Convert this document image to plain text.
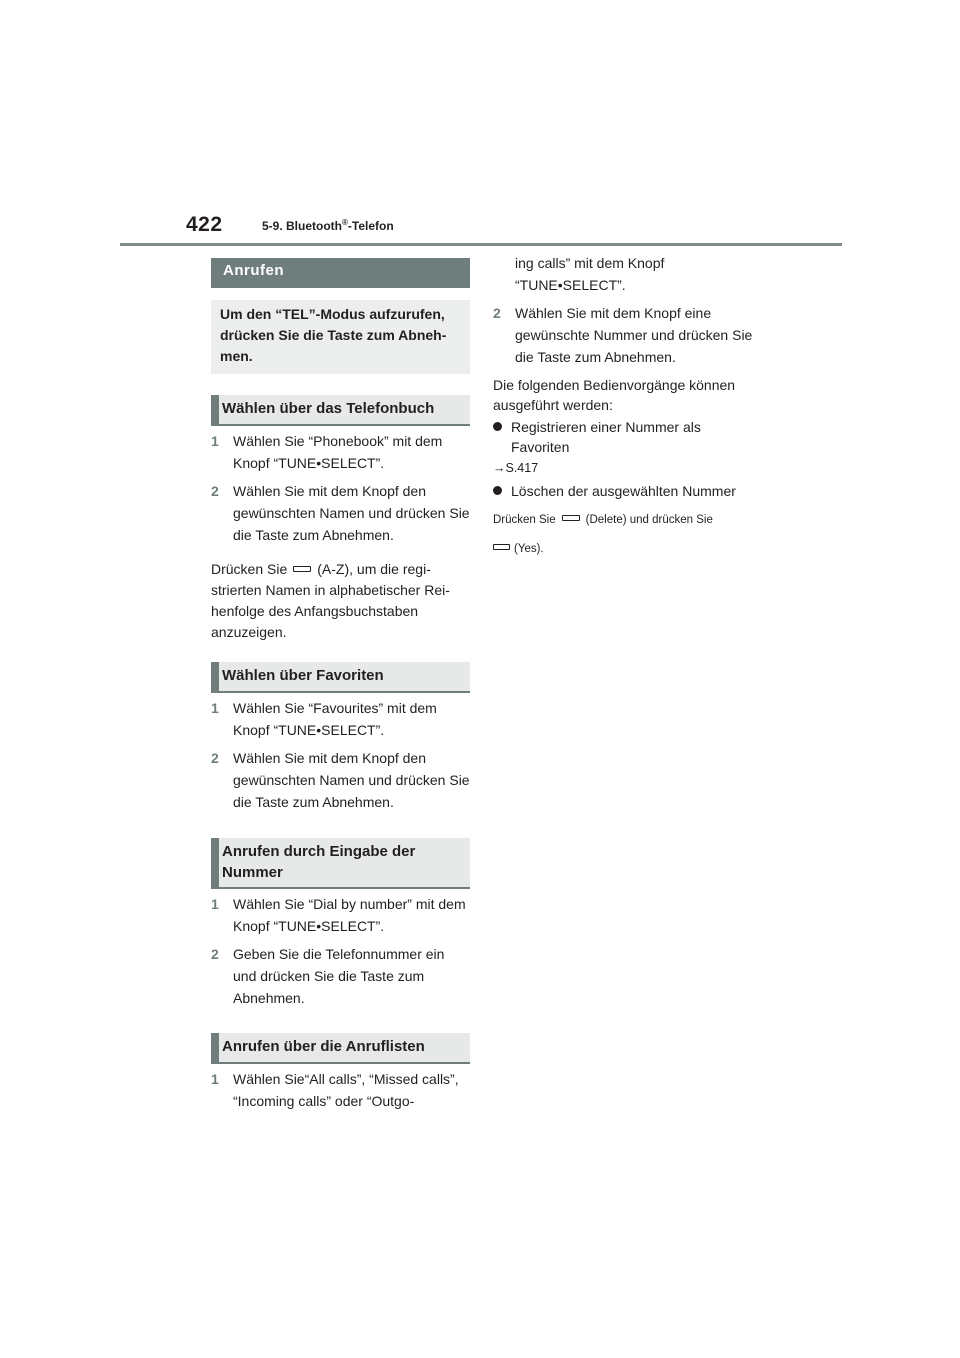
422	5-9. Bluetooth®-Telefon
Anrufen
Um den “TEL”-Modus aufzurufen, drücken Sie die Taste zum Abneh-men.
Wählen über das Telefonbuch
1 Wählen Sie “Phonebook” mit dem Knopf “TUNE•SELECT”.
2 Wählen Sie mit dem Knopf den gewünschten Namen und drücken Sie die Taste zum Abnehmen.
Drücken Sie (A-Z), um die regi-strierten Namen in alphabetischer Rei-henfolge des Anfangsbuchstaben anzuzeigen.
Wählen über Favoriten
1 Wählen Sie “Favourites” mit dem Knopf “TUNE•SELECT”.
2 Wählen Sie mit dem Knopf den gewünschten Namen und drücken Sie die Taste zum Abnehmen.
Anrufen durch Eingabe der Nummer
1 Wählen Sie “Dial by number” mit dem Knopf “TUNE•SELECT”.
2 Geben Sie die Telefonnummer ein und drücken Sie die Taste zum Abnehmen.
Anrufen über die Anruflisten
1 Wählen Sie“All calls”, “Missed calls”, “Incoming calls” oder “Outgo-
ing calls” mit dem Knopf “TUNE•SELECT”.
2 Wählen Sie mit dem Knopf eine gewünschte Nummer und drücken Sie die Taste zum Abnehmen.
Die folgenden Bedienvorgänge können ausgeführt werden:
Registrieren einer Nummer als Favoriten
→S.417
Löschen der ausgewählten Nummer
Drücken Sie	(Delete) und drücken Sie
(Yes).
